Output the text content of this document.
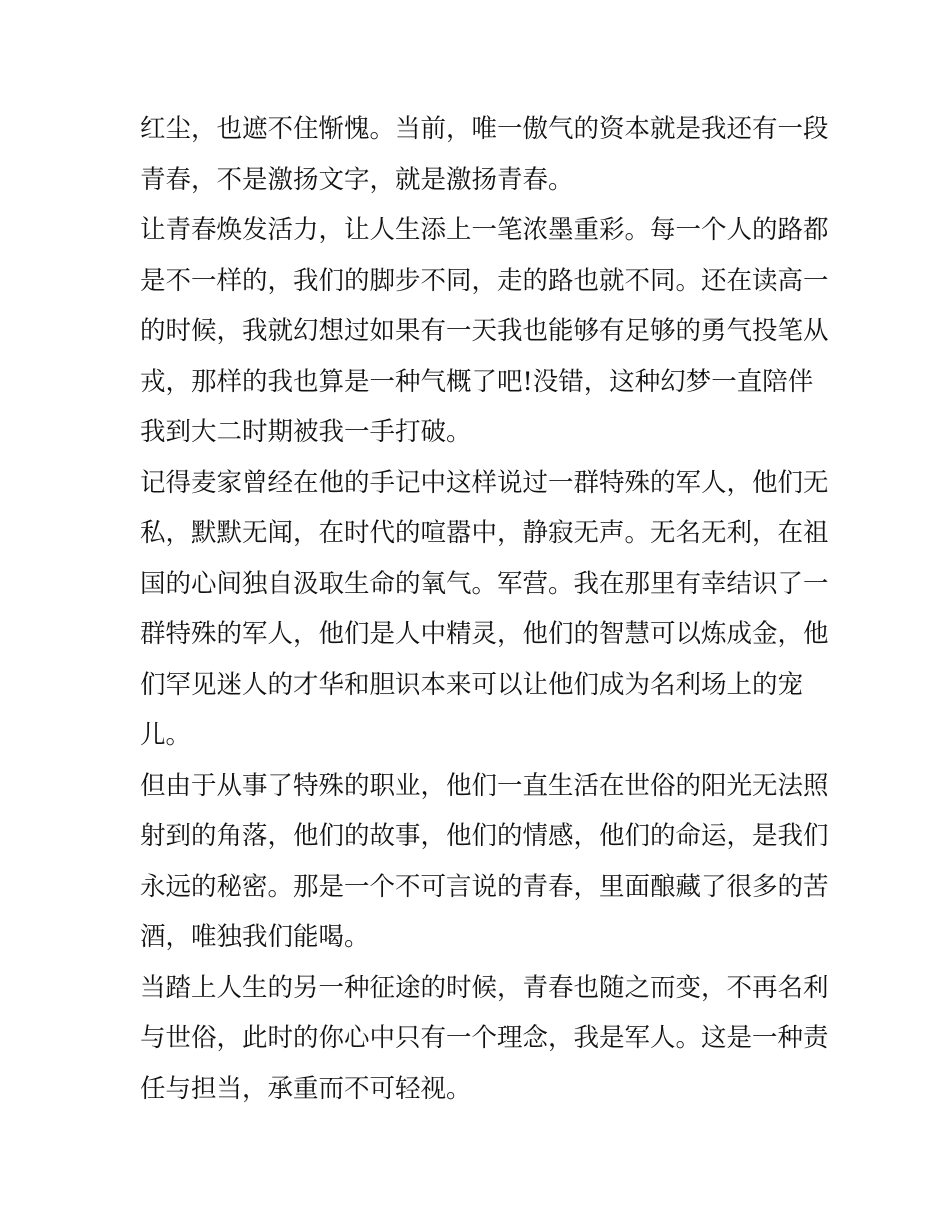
红尘，也遮不住惭愧。当前，唯一傲气的资本就是我还有一段
青春，不是激扬文字，就是激扬青春。
让青春焕发活力，让人生添上一笔浓墨重彩。每一个人的路都
是不一样的，我们的脚步不同，走的路也就不同。还在读高一
的时候，我就幻想过如果有一天我也能够有足够的勇气投笔从
戎，那样的我也算是一种气概了吧!没错，这种幻梦一直陪伴
我到大二时期被我一手打破。
记得麦家曾经在他的手记中这样说过一群特殊的军人，他们无
私，默默无闻，在时代的喧嚣中，静寂无声。无名无利，在祖
国的心间独自汲取生命的氧气。军营。我在那里有幸结识了一
群特殊的军人，他们是人中精灵，他们的智慧可以炼成金，他
们罕见迷人的才华和胆识本来可以让他们成为名利场上的宠
儿。
但由于从事了特殊的职业，他们一直生活在世俗的阳光无法照
射到的角落，他们的故事，他们的情感，他们的命运，是我们
永远的秘密。那是一个不可言说的青春，里面酿藏了很多的苦
酒，唯独我们能喝。
当踏上人生的另一种征途的时候，青春也随之而变，不再名利
与世俗，此时的你心中只有一个理念，我是军人。这是一种责
任与担当，承重而不可轻视。
